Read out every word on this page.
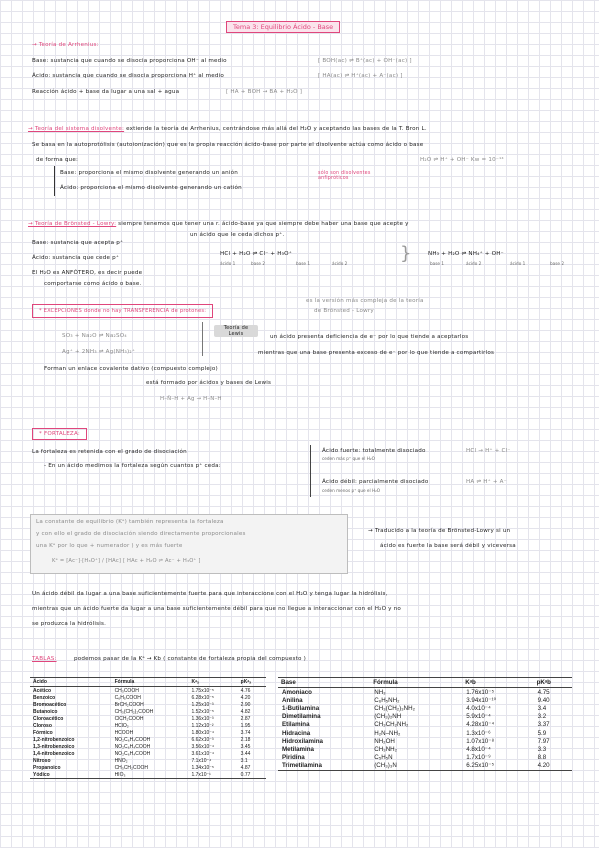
Tema 3: Equilibrio Ácido - Base
→ Teoría de Arrhenius:
Base: sustancia que cuando se disocia proporciona OH⁻ al medio	[ BOH(ac) ⇌ B⁺(ac) + OH⁻(ac) ]
Ácido: sustancia que cuando se disocia proporciona H⁺ al medio	[ HA(ac) ⇌ H⁺(ac) + A⁻(ac) ]
Reacción ácido + base da lugar a una sal + agua	[ HA + BOH → BA + H₂O ]
→ Teoría del sistema disolvente: extiende la teoría de Arrhenius, centrándose más allá del H₂O y aceptando las bases de la T. Bron L.
Se basa en la autoprotólisis (autoionización) que es la propia reacción ácido-base por parte el disolvente actúa como ácido o base
de forma que:	H₂O ⇌ H⁺ + OH⁻ Kw = 10⁻¹⁴
Base: proporciona el mismo disolvente generando un anión
Ácido: proporciona el mismo disolvente generando un catión
sólo son disolventes anfipróticos
→ Teoría de Brönsted - Lowry: siempre tenemos que tener una r. ácido-base ya que siempre debe haber una base que acepte y
un ácido que le ceda dichos p⁺.
Base: sustancia que acepta p⁺
Ácido: sustancia que cede p⁺
El H₂O es ANFÓTERO, es decir puede
comportarse como ácido o base.
HCl + H₂O ⇌ Cl⁻ + H₃O⁺
ácido 1	base 2	base 1	ácido 2	}	NH₃ + H₂O ⇌ NH₄⁺ + OH⁻
base 1	ácido 2	ácido 1	base 2
* EXCEPCIONES donde no hay TRANSFERENCIA de protones:
es la versión más compleja de la teoría
de Brönsted - Lowry
SO₃ + Na₂O ⇌ Na₂SO₄
Ag⁺ + 2NH₃ ⇌ Ag(NH₃)₂⁺
Teoría de Lewis	un ácido presenta deficiencia de e⁻ por lo que tiende a aceptarlos
mientras que una base presenta exceso de e⁻ por lo que tiende a compartirlos
Forman un enlace covalente dativo (compuesto complejo)
está formado por ácidos y bases de Lewis
H–N̈–H + Ag → H–N–H
* FORTALEZA:
La fortaleza es retenida con el grado de disociación
- En un ácido medimos la fortaleza según cuantos p⁺ ceda:
Ácido fuerte: totalmente disociado
ceden más p⁺ que el H₂O
HCl → H⁺ + Cl⁻
Ácido débil: parcialmente disociado
ceden menos p⁺ que el H₂O
HA ⇌ H⁺ + A⁻
La constante de equilibrio (Kᵉ) también representa la fortaleza
y con ello el grado de disociación siendo directamente proporcionales
una Kᵉ por lo que + numerador ) y es más fuerte
Kᵉ = [Ac⁻]·[H₃O⁺] / [HAc] [ HAc + H₂O ⇌ Ac⁻ + H₃O⁺ ]
→ Traducido a la teoría de Brönsted-Lowry si un
ácido es fuerte la base será débil y viceversa
Un ácido débil da lugar a una base suficientemente fuerte para que interaccione con el H₂O y tenga lugar la hidrólisis,
mientras que un ácido fuerte da lugar a una base suficientemente débil para que no llegue a interaccionar con el H₂O y no
se produzca la hidrólisis.
TABLAS:	podemos pasar de la Kᵃ → Kb ( constante de fortaleza propia del compuesto )
Ácido	Fórmula	Kᵃₐ	pKᵃₐ
Acético	CH₃COOH	1.75x10⁻⁵	4.76
Benzoico	C₆H₅COOH	6.28x10⁻⁵	4.20
Bromoacético	BrCH₂COOH	1.25x10⁻³	2.90
Butanoico	CH₃(CH₂)₂COOH	1.52x10⁻⁵	4.82
Cloroacético	ClCH₂COOH	1.36x10⁻³	2.87
Cloroso	HClO₂	1.12x10⁻²	1.95
Fórmico	HCOOH	1.80x10⁻⁴	3.74
1,2-nitrobenzoico	NO₂C₆H₄COOH	6.62x10⁻³	2.18
1,3-nitrobenzoico	NO₂C₆H₄COOH	3.56x10⁻⁴	3.45
1,4-nitrobenzoico	NO₂C₆H₄COOH	3.61x10⁻⁴	3.44
Nitroso	HNO₂	7.1x10⁻⁴	3.1
Propanoico	CH₃CH₂COOH	1.34x10⁻⁵	4.87
Yódico	HIO₃	1.7x10⁻¹	0.77
Base	Fórmula	Kᵃb	pKᵃb
Amoniaco	NH₃	1.76x10⁻⁵	4.75
Anilina	C₆H₅NH₂	3.94x10⁻¹⁰	9.40
1-Butilamina	CH₃(CH₂)₃NH₂	4.0x10⁻⁴	3.4
Dimetilamina	(CH₃)₂NH	5.9x10⁻⁴	3.2
Etilamina	CH₃CH₂NH₂	4.28x10⁻⁴	3.37
Hidracina	H₂N–NH₂	1.3x10⁻⁶	5.9
Hidroxilamina	NH₂OH	1.07x10⁻⁸	7.97
Metilamina	CH₃NH₂	4.8x10⁻⁴	3.3
Piridina	C₅H₅N	1.7x10⁻⁹	8.8
Trimetilamina	(CH₃)₃N	6.25x10⁻⁵	4.20
